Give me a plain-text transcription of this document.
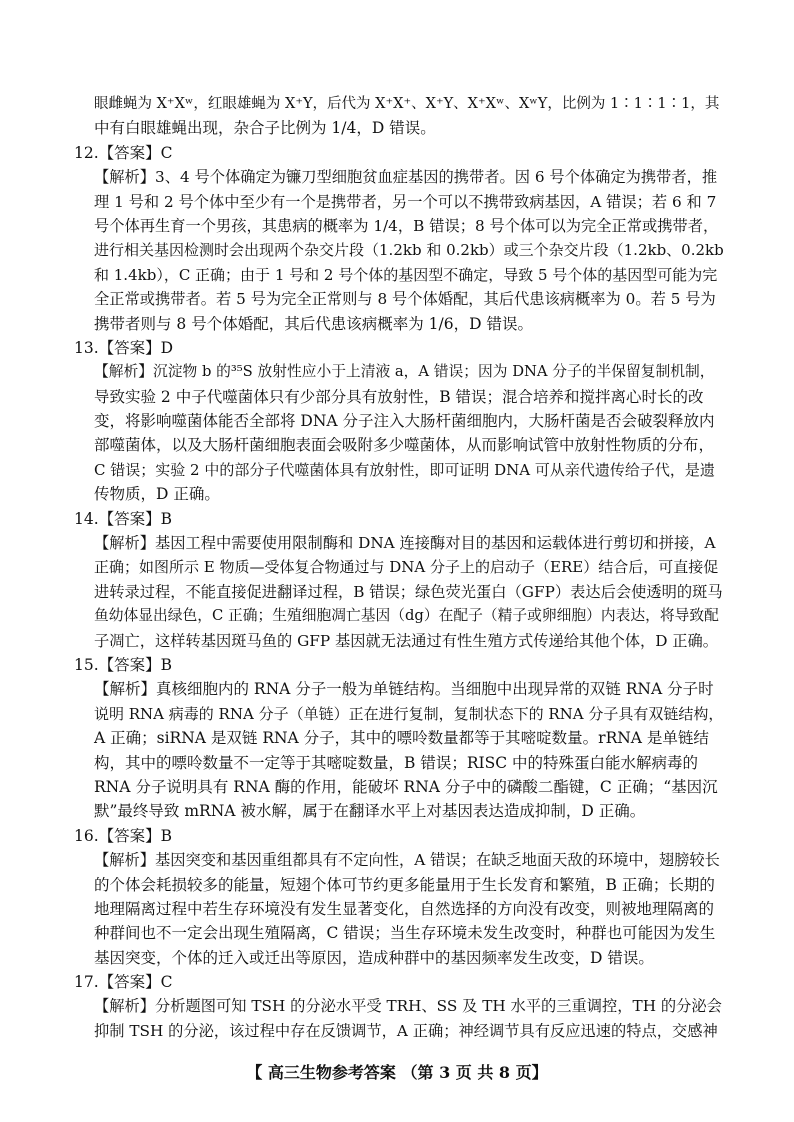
眼雌蝇为 X⁺Xʷ，红眼雄蝇为 X⁺Y，后代为 X⁺X⁺、X⁺Y、X⁺Xʷ、XʷY，比例为 1∶1∶1∶1，其
中有白眼雄蝇出现，杂合子比例为 1/4，D 错误。
12.【答案】C
【解析】3、4 号个体确定为镰刀型细胞贫血症基因的携带者。因 6 号个体确定为携带者，推
理 1 号和 2 号个体中至少有一个是携带者，另一个可以不携带致病基因，A 错误；若 6 和 7
号个体再生育一个男孩，其患病的概率为 1/4，B 错误；8 号个体可以为完全正常或携带者，
进行相关基因检测时会出现两个杂交片段（1.2kb 和 0.2kb）或三个杂交片段（1.2kb、0.2kb
和 1.4kb），C 正确；由于 1 号和 2 号个体的基因型不确定，导致 5 号个体的基因型可能为完
全正常或携带者。若 5 号为完全正常则与 8 号个体婚配，其后代患该病概率为 0。若 5 号为
携带者则与 8 号个体婚配，其后代患该病概率为 1/6，D 错误。
13.【答案】D
【解析】沉淀物 b 的³⁵S 放射性应小于上清液 a，A 错误；因为 DNA 分子的半保留复制机制，
导致实验 2 中子代噬菌体只有少部分具有放射性，B 错误；混合培养和搅拌离心时长的改
变，将影响噬菌体能否全部将 DNA 分子注入大肠杆菌细胞内，大肠杆菌是否会破裂释放内
部噬菌体，以及大肠杆菌细胞表面会吸附多少噬菌体，从而影响试管中放射性物质的分布，
C 错误；实验 2 中的部分子代噬菌体具有放射性，即可证明 DNA 可从亲代遗传给子代，是遗
传物质，D 正确。
14.【答案】B
【解析】基因工程中需要使用限制酶和 DNA 连接酶对目的基因和运载体进行剪切和拼接，A
正确；如图所示 E 物质—受体复合物通过与 DNA 分子上的启动子（ERE）结合后，可直接促
进转录过程，不能直接促进翻译过程，B 错误；绿色荧光蛋白（GFP）表达后会使透明的斑马
鱼幼体显出绿色，C 正确；生殖细胞凋亡基因（dg）在配子（精子或卵细胞）内表达，将导致配
子凋亡，这样转基因斑马鱼的 GFP 基因就无法通过有性生殖方式传递给其他个体，D 正确。
15.【答案】B
【解析】真核细胞内的 RNA 分子一般为单链结构。当细胞中出现异常的双链 RNA 分子时
说明 RNA 病毒的 RNA 分子（单链）正在进行复制，复制状态下的 RNA 分子具有双链结构，
A 正确；siRNA 是双链 RNA 分子，其中的嘌呤数量都等于其嘧啶数量。rRNA 是单链结
构，其中的嘌呤数量不一定等于其嘧啶数量，B 错误；RISC 中的特殊蛋白能水解病毒的
RNA 分子说明具有 RNA 酶的作用，能破坏 RNA 分子中的磷酸二酯键，C 正确；“基因沉
默”最终导致 mRNA 被水解，属于在翻译水平上对基因表达造成抑制，D 正确。
16.【答案】B
【解析】基因突变和基因重组都具有不定向性，A 错误；在缺乏地面天敌的环境中，翅膀较长
的个体会耗损较多的能量，短翅个体可节约更多能量用于生长发育和繁殖，B 正确；长期的
地理隔离过程中若生存环境没有发生显著变化，自然选择的方向没有改变，则被地理隔离的
种群间也不一定会出现生殖隔离，C 错误；当生存环境未发生改变时，种群也可能因为发生
基因突变，个体的迁入或迁出等原因，造成种群中的基因频率发生改变，D 错误。
17.【答案】C
【解析】分析题图可知 TSH 的分泌水平受 TRH、SS 及 TH 水平的三重调控，TH 的分泌会
抑制 TSH 的分泌，该过程中存在反馈调节，A 正确；神经调节具有反应迅速的特点，交感神
【 高三生物参考答案 （第 3 页 共 8 页】
